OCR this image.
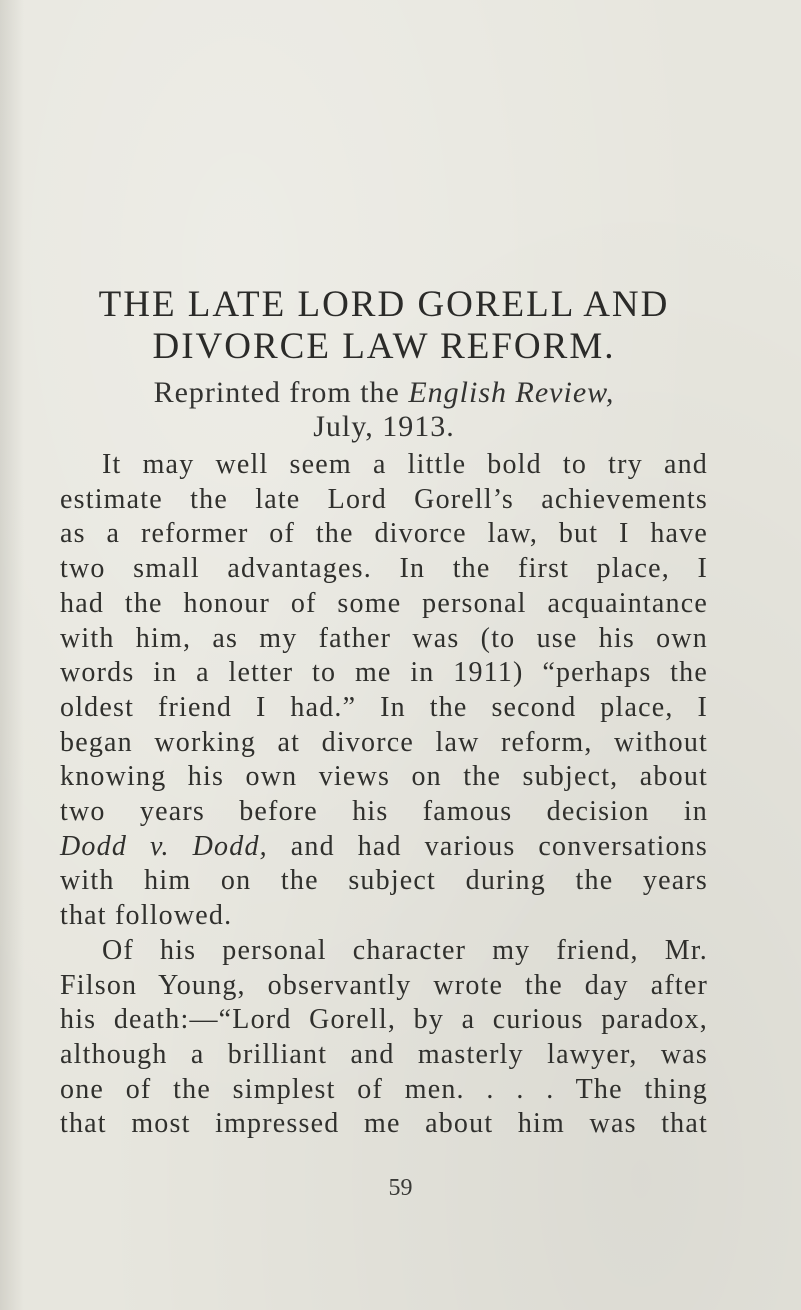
THE LATE LORD GORELL AND
DIVORCE LAW REFORM.

Reprinted from the English Review,
July, 1913.

It may well seem a little bold to try and
estimate the late Lord Gorell’s achievements
as a reformer of the divorce law, but I have
two small advantages. In the first place, I
had the honour of some personal acquaintance
with him, as my father was (to use his own
words in a letter to me in 1911) “perhaps the
oldest friend I had.” In the second place, I
began working at divorce law reform, without
knowing his own views on the subject, about
two years before his famous decision in
Dodd v. Dodd, and had various conversations
with him on the subject during the years
that followed.

Of his personal character my friend, Mr.
Filson Young, observantly wrote the day after
his death:—“Lord Gorell, by a curious paradox,
although a brilliant and masterly lawyer, was
one of the simplest of men. . . . The thing
that most impressed me about him was that

59
